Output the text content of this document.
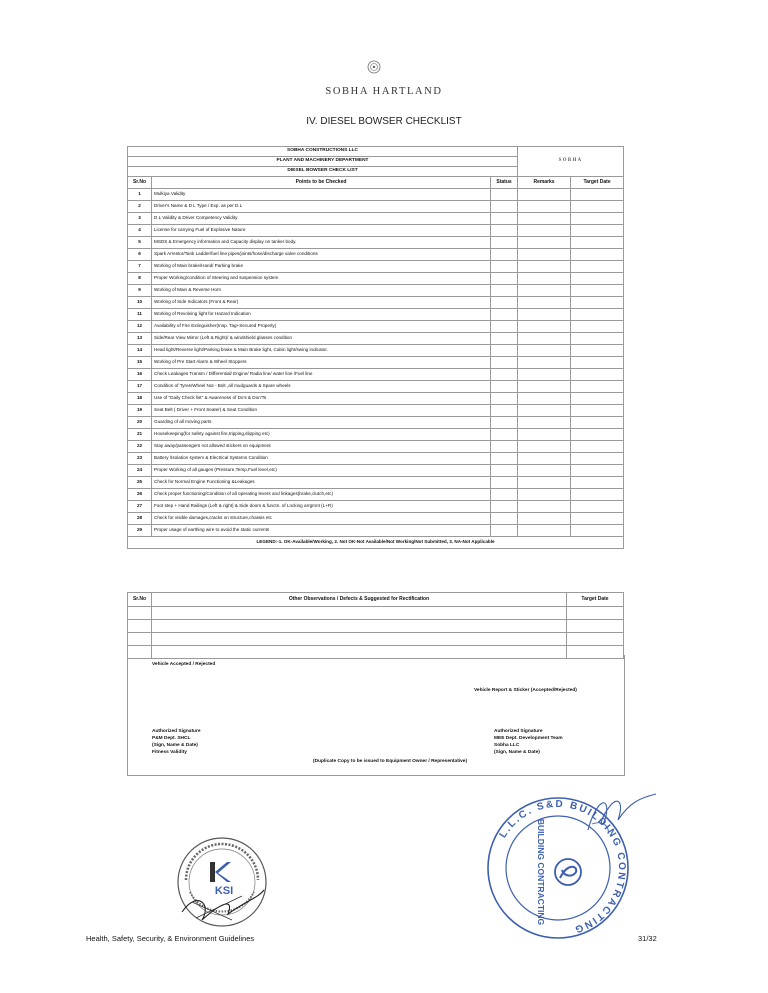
SOBHA HARTLAND
IV. DIESEL BOWSER CHECKLIST
SOBHA CONSTRUCTIONS LLC			SOBHA	
PLANT AND MACHINERY DEPARTMENT				
DIESEL BOWSER CHECK LIST				
Sr.No	Points to be Checked	Status	Remarks	Target Date
1	Mulkiya Validity			
2	Driver's Name & D L Type / Exp. as per D.L			
3	D.L Validity & Driver Competency Validity			
4	License for carrying Fuel of Explosive Nature			
5	MSDS & Emergency information and Capacity display on tanker body.			
6	Spark Arrestor/Tank Ladder/fuel line pipes/joints/hose/discharge valve conditions			
7	Working of Main brake/Hand/ Parking brake			
8	Proper Working/condition of Steering and suspension system			
9	Working of Main & Reverse Horn			
10	Working of Side Indicators (Front & Rear)			
11	Working of Revolving light for Hazard Indication			
12	Availability of Fire Extinguisher(Insp. Tag+Secured Properly)			
13	Side/Rear View Mirror (Left & Right)/ & windshield glasses condition			
14	Head light/Reverse light/Parking brake & Main Brake light, Cabin light/swing indicator.			
15	Working of Pre Start Alarm & Wheel Stoppers			
16	Check Leakages Transm / Differential/ Engine/ Radia line/ water line /Fuel line			
17	Condition of Tyres/Wheel Nut - Bolt ,all mudguards & Spare wheels			
18	Use of "Daily Check list" & Awareness of Do's & Don'Ts			
19	Seat Belt ( Driver + Front Seater) & Seat Condition			
20	Guarding of all moving parts			
21	Housekeeping(for safety against fire,tripping,slipping etc)			
22	Stay away/passengers not allowed stickers on equipment			
23	Battery /Isolation system & Electrical Systems Condition			
24	Proper Working of all gauges (Pressure,Temp,Fuel level,etc)			
25	Check for Normal Engine Functioning &Leakages			
26	Check proper functioning/Condition of all operating levers and linkages(brake,clutch,etc)			
27	Foot step + Hand Railings (Left & right) & Side doors & functn. of Locking arrgmnt (L+R)			
28	Check for visible damages,cracks on structure,chassis etc			
29	Proper usage of earthing wire to avoid the static currents			
LEGEND:-1. OK-Available/Working, 2. Not OK-Not Available/Not Working/Not Submitted, 3. NA-Not Applicable				
Sr.No	Other Observations / Defects & Suggested for Rectification	Target Date

Vehicle Accepted / Rejected
Vehicle Report & Sticker (Accepted/Rejected)
Authorized Signature
P&M Dept. SHCL
(Sign, Name & Date)
Fitness Validity
Authorized Signature
MEE Dept. Development Team
Sobha LLC
(Sign, Name & Date)
(Duplicate Copy to be issued to Equipment Owner / Representative)
KSI
L.L.C. S&D BUILDING CONTRACTING
BUILDING CONTRACTING
Health, Safety, Security, & Environment Guidelines	31/32
